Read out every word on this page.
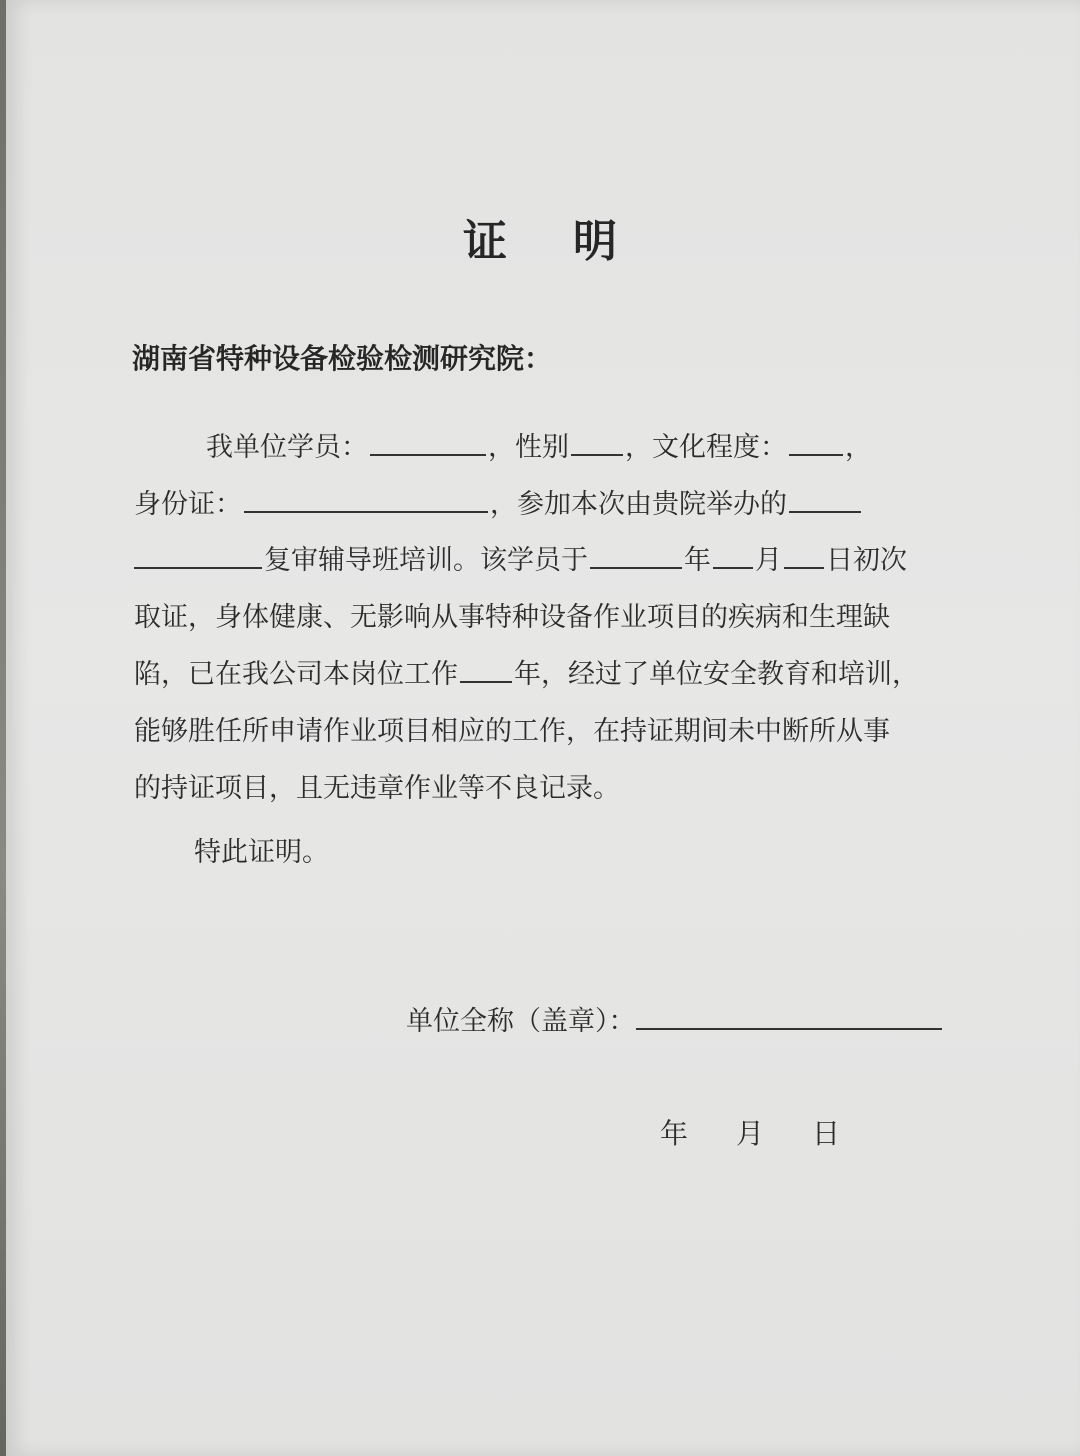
证 明
湖南省特种设备检验检测研究院：
我单位学员：	，性别 ，文化程度： ，
身份证：	，参加本次由贵院举办的
复审辅导班培训。该学员于	年 月 日初次
取证，身体健康、无影响从事特种设备作业项目的疾病和生理缺
陷，已在我公司本岗位工作 年，经过了单位安全教育和培训，
能够胜任所申请作业项目相应的工作，在持证期间未中断所从事
的持证项目，且无违章作业等不良记录。
特此证明。
单位全称（盖章）：
年 月 日
